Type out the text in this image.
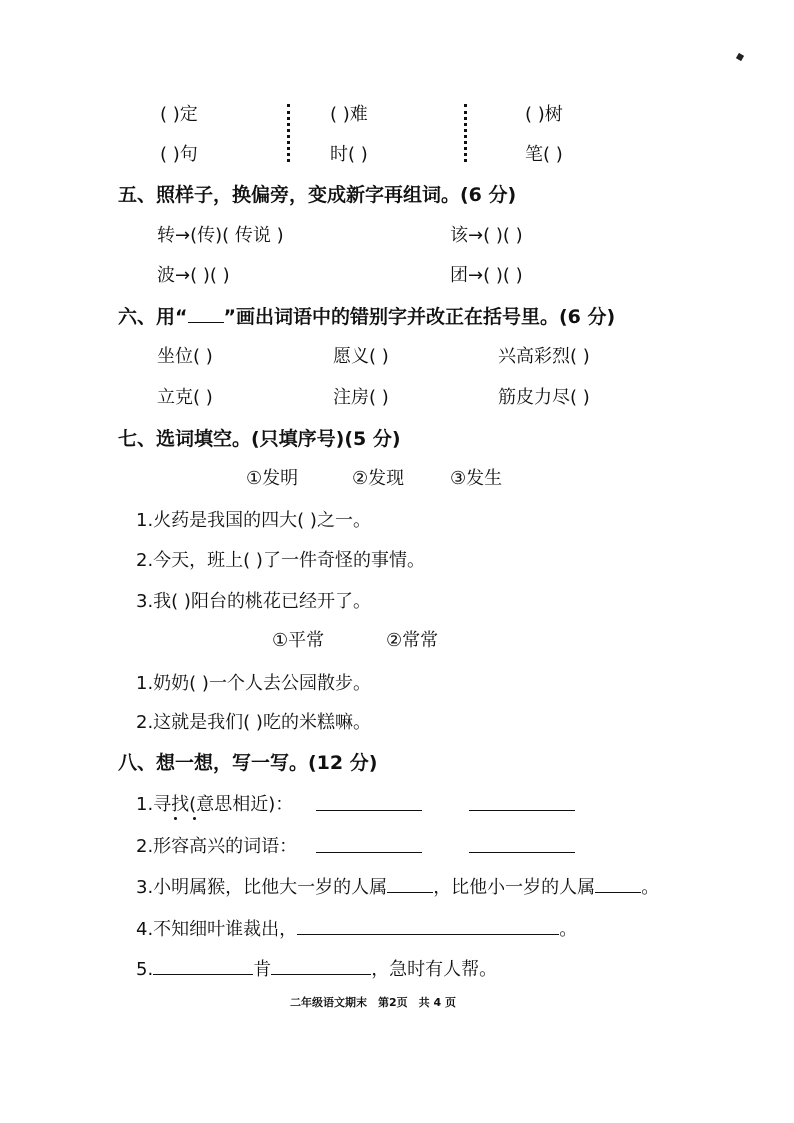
( )定	( )难	( )树
( )句	时( )	笔( )
五、照样子，换偏旁，变成新字再组词。(6 分)
转→(传)( 传说 )	该→( )( )
波→( )( )	团→( )( )
六、用“ ”画出词语中的错别字并改正在括号里。(6 分)
坐位( )	愿义( )	兴高彩烈( )
立克( )	注房( )	筋皮力尽( )
七、选词填空。(只填序号)(5 分)
①发明	②发现	③发生
1.火药是我国的四大( )之一。
2.今天，班上( )了一件奇怪的事情。
3.我( )阳台的桃花已经开了。
①平常	②常常
1.奶奶( )一个人去公园散步。
2.这就是我们( )吃的米糕嘛。
八、想一想，写一写。(12 分)
1.寻找(意思相近)：
2.形容高兴的词语：
3.小明属猴，比他大一岁的人属	，比他小一岁的人属	。
4.不知细叶谁裁出，	。
5.	肯	，急时有人帮。
二年级语文期末　第2页　共 4 页
